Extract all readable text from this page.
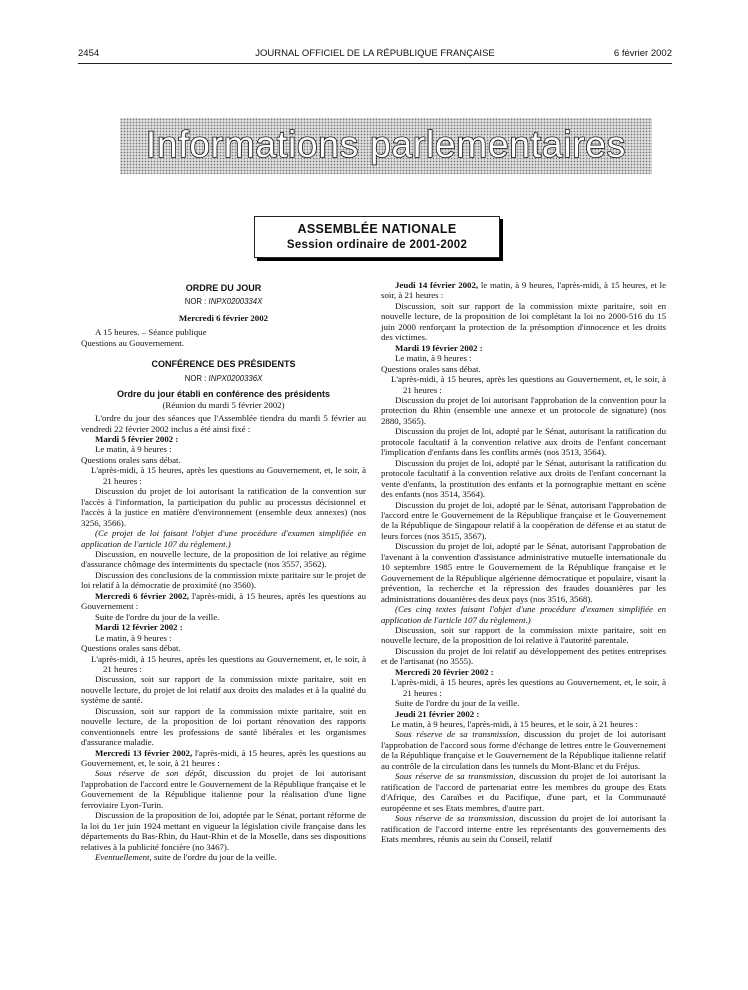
2454	JOURNAL OFFICIEL DE LA RÉPUBLIQUE FRANÇAISE	6 février 2002
Informations parlementaires
ASSEMBLÉE NATIONALE
Session ordinaire de 2001-2002
ORDRE DU JOUR
NOR : INPX0200334X
Mercredi 6 février 2002

A 15 heures. – Séance publique

Questions au Gouvernement.

CONFÉRENCE DES PRÉSIDENTS
NOR : INPX0200336X
Ordre du jour établi en conférence des présidents
(Réunion du mardi 5 février 2002)

L'ordre du jour des séances que l'Assemblée tiendra du mardi 5 février au vendredi 22 février 2002 inclus a été ainsi fixé :

Mardi 5 février 2002 :

Le matin, à 9 heures :

Questions orales sans débat.

L'après-midi, à 15 heures, après les questions au Gouvernement, et, le soir, à 21 heures :

Discussion du projet de loi autorisant la ratification de la convention sur l'accès à l'information, la participation du public au processus décisionnel et l'accès à la justice en matière d'environnement (ensemble deux annexes) (nos 3256, 3566).

(Ce projet de loi faisant l'objet d'une procédure d'examen simplifiée en application de l'article 107 du règlement.)

Discussion, en nouvelle lecture, de la proposition de loi relative au régime d'assurance chômage des intermittents du spectacle (nos 3557, 3562).

Discussion des conclusions de la commission mixte paritaire sur le projet de loi relatif à la démocratie de proximité (no 3560).

Mercredi 6 février 2002, l'après-midi, à 15 heures, après les questions au Gouvernement :

Suite de l'ordre du jour de la veille.

Mardi 12 février 2002 :

Le matin, à 9 heures :

Questions orales sans débat.

L'après-midi, à 15 heures, après les questions au Gouvernement, et, le soir, à 21 heures :

Discussion, soit sur rapport de la commission mixte paritaire, soit en nouvelle lecture, du projet de loi relatif aux droits des malades et à la qualité du système de santé.

Discussion, soit sur rapport de la commission mixte paritaire, soit en nouvelle lecture, de la proposition de loi portant rénovation des rapports conventionnels entre les professions de santé libérales et les organismes d'assurance maladie.

Mercredi 13 février 2002, l'après-midi, à 15 heures, après les questions au Gouvernement, et, le soir, à 21 heures :

Sous réserve de son dépôt, discussion du projet de loi autorisant l'approbation de l'accord entre le Gouvernement de la République française et le Gouvernement de la République italienne pour la réalisation d'une ligne ferroviaire Lyon-Turin.

Discussion de la proposition de loi, adoptée par le Sénat, portant réforme de la loi du 1er juin 1924 mettant en vigueur la législation civile française dans les départements du Bas-Rhin, du Haut-Rhin et de la Moselle, dans ses dispositions relatives à la publicité foncière (no 3467).

Eventuellement, suite de l'ordre du jour de la veille.

Jeudi 14 février 2002, le matin, à 9 heures, l'après-midi, à 15 heures, et le soir, à 21 heures :

Discussion, soit sur rapport de la commission mixte paritaire, soit en nouvelle lecture, de la proposition de loi complétant la loi no 2000-516 du 15 juin 2000 renforçant la protection de la présomption d'innocence et les droits des victimes.

Mardi 19 février 2002 :

Le matin, à 9 heures :

Questions orales sans débat.

L'après-midi, à 15 heures, après les questions au Gouvernement, et, le soir, à 21 heures :

Discussion du projet de loi autorisant l'approbation de la convention pour la protection du Rhin (ensemble une annexe et un protocole de signature) (nos 2880, 3565).

Discussion du projet de loi, adopté par le Sénat, autorisant la ratification du protocole facultatif à la convention relative aux droits de l'enfant concernant l'implication d'enfants dans les conflits armés (nos 3513, 3564).

Discussion du projet de loi, adopté par le Sénat, autorisant la ratification du protocole facultatif à la convention relative aux droits de l'enfant concernant la vente d'enfants, la prostitution des enfants et la pornographie mettant en scène des enfants (nos 3514, 3564).

Discussion du projet de loi, adopté par le Sénat, autorisant l'approbation de l'accord entre le Gouvernement de la République française et le Gouvernement de la République de Singapour relatif à la coopération de défense et au statut de leurs forces (nos 3515, 3567).

Discussion du projet de loi, adopté par le Sénat, autorisant l'approbation de l'avenant à la convention d'assistance administrative mutuelle internationale du 10 septembre 1985 entre le Gouvernement de la République française et le Gouvernement de la République algérienne démocratique et populaire, visant la prévention, la recherche et la répression des fraudes douanières par les administrations douanières des deux pays (nos 3516, 3568).

(Ces cinq textes faisant l'objet d'une procédure d'examen simplifiée en application de l'article 107 du règlement.)

Discussion, soit sur rapport de la commission mixte paritaire, soit en nouvelle lecture, de la proposition de loi relative à l'autorité parentale.

Discussion du projet de loi relatif au développement des petites entreprises et de l'artisanat (no 3555).

Mercredi 20 février 2002 :

L'après-midi, à 15 heures, après les questions au Gouvernement, et, le soir, à 21 heures :

Suite de l'ordre du jour de la veille.

Jeudi 21 février 2002 :

Le matin, à 9 heures, l'après-midi, à 15 heures, et le soir, à 21 heures :

Sous réserve de sa transmission, discussion du projet de loi autorisant l'approbation de l'accord sous forme d'échange de lettres entre le Gouvernement de la République française et le Gouvernement de la République italienne relatif au contrôle de la circulation dans les tunnels du Mont-Blanc et du Fréjus.

Sous réserve de sa transmission, discussion du projet de loi autorisant la ratification de l'accord de partenariat entre les membres du groupe des Etats d'Afrique, des Caraïbes et du Pacifique, d'une part, et la Communauté européenne et ses Etats membres, d'autre part.

Sous réserve de sa transmission, discussion du projet de loi autorisant la ratification de l'accord interne entre les représentants des gouvernements des Etats membres, réunis au sein du Conseil, relatif
